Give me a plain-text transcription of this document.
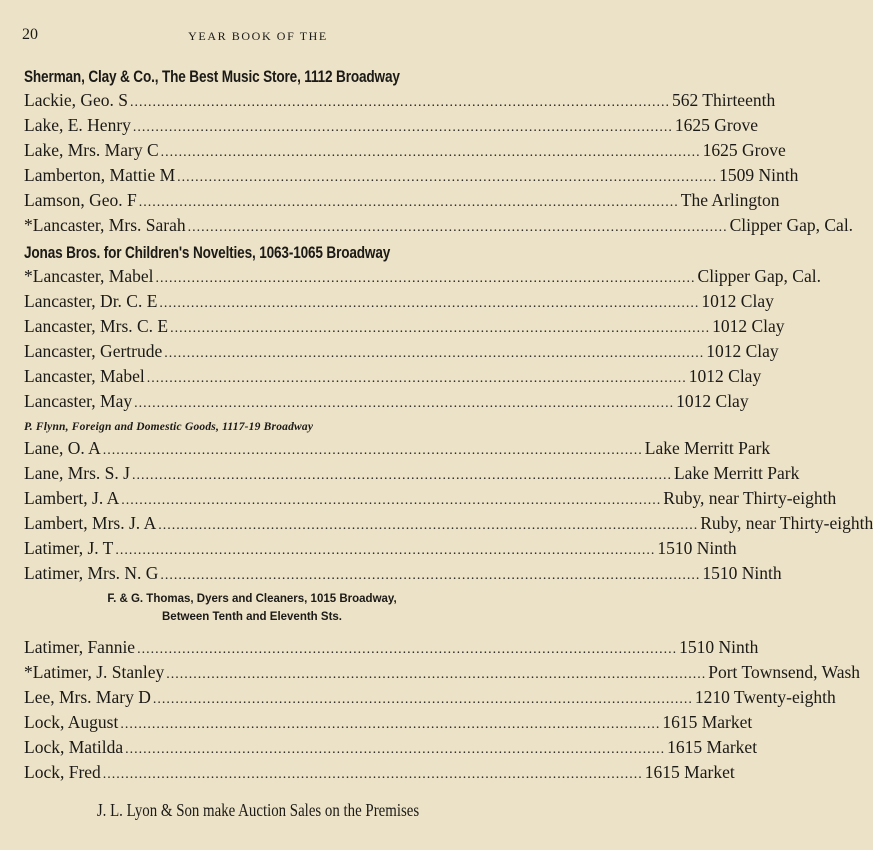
20	YEAR BOOK OF THE
Sherman, Clay & Co., The Best Music Store, 1112 Broadway
Lackie, Geo. S ........................................................................................................................ 562 Thirteenth
Lake, E. Henry ........................................................................................................................ 1625 Grove
Lake, Mrs. Mary C ........................................................................................................................ 1625 Grove
Lamberton, Mattie M ........................................................................................................................ 1509 Ninth
Lamson, Geo. F ........................................................................................................................ The Arlington
*Lancaster, Mrs. Sarah ........................................................................................................................ Clipper Gap, Cal.
Jonas Bros. for Children's Novelties, 1063-1065 Broadway
*Lancaster, Mabel ........................................................................................................................ Clipper Gap, Cal.
Lancaster, Dr. C. E ........................................................................................................................ 1012 Clay
Lancaster, Mrs. C. E ........................................................................................................................ 1012 Clay
Lancaster, Gertrude ........................................................................................................................ 1012 Clay
Lancaster, Mabel ........................................................................................................................ 1012 Clay
Lancaster, May ........................................................................................................................ 1012 Clay
P. Flynn, Foreign and Domestic Goods, 1117-19 Broadway
Lane, O. A ........................................................................................................................ Lake Merritt Park
Lane, Mrs. S. J ........................................................................................................................ Lake Merritt Park
Lambert, J. A ........................................................................................................................ Ruby, near Thirty-eighth
Lambert, Mrs. J. A ........................................................................................................................ Ruby, near Thirty-eighth
Latimer, J. T ........................................................................................................................ 1510 Ninth
Latimer, Mrs. N. G ........................................................................................................................ 1510 Ninth
F. & G. Thomas, Dyers and Cleaners, 1015 Broadway,
Between Tenth and Eleventh Sts.
Latimer, Fannie ........................................................................................................................ 1510 Ninth
*Latimer, J. Stanley ........................................................................................................................ Port Townsend, Wash
Lee, Mrs. Mary D ........................................................................................................................ 1210 Twenty-eighth
Lock, August ........................................................................................................................ 1615 Market
Lock, Matilda ........................................................................................................................ 1615 Market
Lock, Fred ........................................................................................................................ 1615 Market
J. L. Lyon & Son make Auction Sales on the Premises
